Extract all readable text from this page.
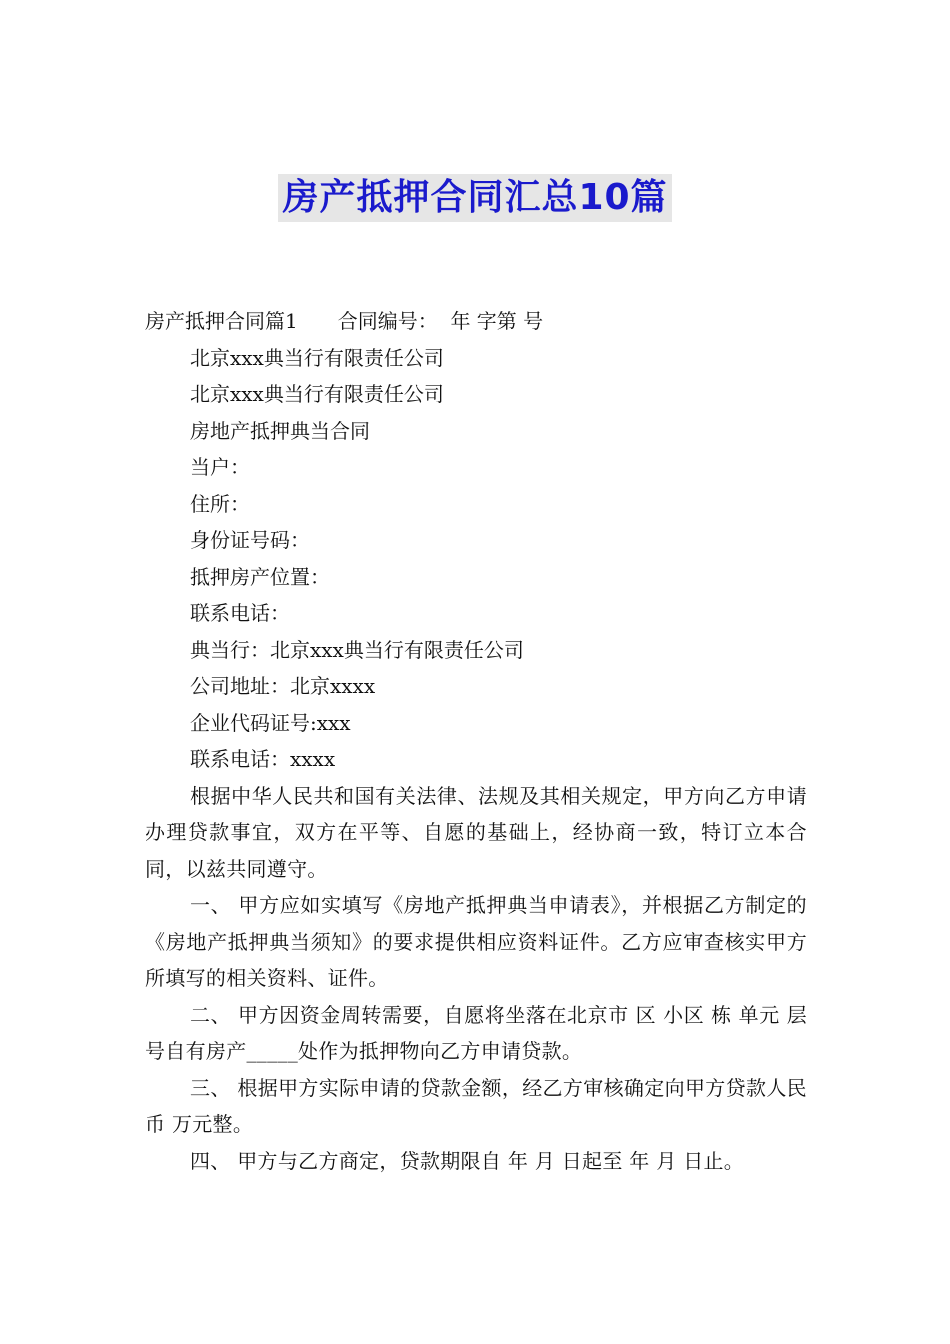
房产抵押合同汇总10篇

房产抵押合同篇1　　合同编号：  年 字第 号

北京xxx典当行有限责任公司

北京xxx典当行有限责任公司

房地产抵押典当合同

当户：

住所：

身份证号码：

抵押房产位置：

联系电话：

典当行：北京xxx典当行有限责任公司

公司地址：北京xxxx

企业代码证号:xxx

联系电话：xxxx

根据中华人民共和国有关法律、法规及其相关规定，甲方向乙方申请办理贷款事宜，双方在平等、自愿的基础上，经协商一致，特订立本合同，以兹共同遵守。

一、 甲方应如实填写《房地产抵押典当申请表》，并根据乙方制定的《房地产抵押典当须知》的要求提供相应资料证件。乙方应审查核实甲方所填写的相关资料、证件。

二、 甲方因资金周转需要，自愿将坐落在北京市 区 小区 栋 单元 层 号自有房产_____处作为抵押物向乙方申请贷款。

三、 根据甲方实际申请的贷款金额，经乙方审核确定向甲方贷款人民币 万元整。

四、 甲方与乙方商定，贷款期限自 年 月 日起至 年 月 日止。
